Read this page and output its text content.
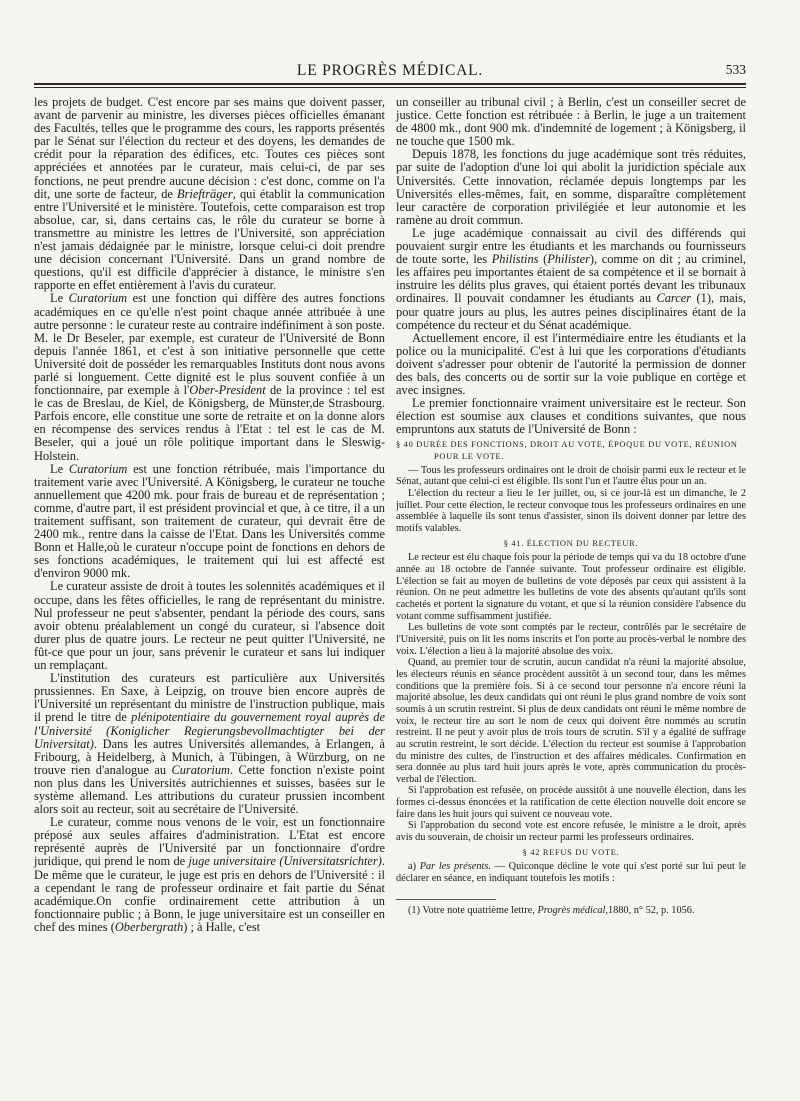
LE PROGRÈS MÉDICAL.	533

les projets de budget. C'est encore par ses mains que doivent passer, avant de parvenir au ministre, les diverses pièces officielles émanant des Facultés, telles que le programme des cours, les rapports présentés par le Sénat sur l'élection du recteur et des doyens, les demandes de crédit pour la réparation des édifices, etc. Toutes ces pièces sont appréciées et annotées par le curateur, mais celui-ci, de par ses fonctions, ne peut prendre aucune décision : c'est donc, comme on l'a dit, une sorte de facteur, de Briefträger, qui établit la communication entre l'Université et le ministère. Toutefois, cette comparaison est trop absolue, car, si, dans certains cas, le rôle du curateur se borne à transmettre au ministre les lettres de l'Université, son appréciation n'est jamais dédaignée par le ministre, lorsque celui-ci doit prendre une décision concernant l'Université. Dans un grand nombre de questions, qu'il est difficile d'apprécier à distance, le ministre s'en rapporte en effet entièrement à l'avis du curateur.

Le Curatorium est une fonction qui diffère des autres fonctions académiques en ce qu'elle n'est point chaque année attribuée à une autre personne : le curateur reste au contraire indéfiniment à son poste. M. le Dr Beseler, par exemple, est curateur de l'Université de Bonn depuis l'année 1861, et c'est à son initiative personnelle que cette Université doit de posséder les remarquables Instituts dont nous avons parlé si longuement. Cette dignité est le plus souvent confiée à un fonctionnaire, par exemple à l'Ober-President de la province : tel est le cas de Breslau, de Kiel, de Königsberg, de Münster,de Strasbourg. Parfois encore, elle constitue une sorte de retraite et on la donne alors en récompense des services rendus à l'Etat : tel est le cas de M. Beseler, qui a joué un rôle politique important dans le Sleswig-Holstein.

Le Curatorium est une fonction rétribuée, mais l'importance du traitement varie avec l'Université. A Königsberg, le curateur ne touche annuellement que 4200 mk. pour frais de bureau et de représentation ; comme, d'autre part, il est président provincial et que, à ce titre, il a un traitement suffisant, son traitement de curateur, qui devrait être de 2400 mk., rentre dans la caisse de l'Etat. Dans les Universités comme Bonn et Halle,où le curateur n'occupe point de fonctions en dehors de ses fonctions académiques, le traitement qui lui est affecté est d'environ 9000 mk.

Le curateur assiste de droit à toutes les solennités académiques et il occupe, dans les fêtes officielles, le rang de représentant du ministre. Nul professeur ne peut s'absenter, pendant la période des cours, sans avoir obtenu préalablement un congé du curateur, si l'absence doit durer plus de quatre jours. Le recteur ne peut quitter l'Université, ne fût-ce que pour un jour, sans prévenir le curateur et sans lui indiquer un remplaçant.

L'institution des curateurs est particulière aux Universités prussiennes. En Saxe, à Leipzig, on trouve bien encore auprès de l'Université un représentant du ministre de l'instruction publique, mais il prend le titre de plénipotentiaire du gouvernement royal auprès de l'Université (Koniglicher Regierungsbevollmachtigter bei der Universitat). Dans les autres Universités allemandes, à Erlangen, à Fribourg, à Heidelberg, à Munich, à Tübingen, à Würzburg, on ne trouve rien d'analogue au Curatorium. Cette fonction n'existe point non plus dans les Universités autrichiennes et suisses, basées sur le système allemand. Les attributions du curateur prussien incombent alors soit au recteur, soit au secrétaire de l'Université.

Le curateur, comme nous venons de le voir, est un fonctionnaire préposé aux seules affaires d'administration. L'Etat est encore représenté auprès de l'Université par un fonctionnaire d'ordre juridique, qui prend le nom de juge universitaire (Universitatsrichter). De même que le curateur, le juge est pris en dehors de l'Université : il a cependant le rang de professeur ordinaire et fait partie du Sénat académique.On confie ordinairement cette attribution à un fonctionnaire public ; à Bonn, le juge universitaire est un conseiller en chef des mines (Oberbergrath) ; à Halle, c'est

un conseiller au tribunal civil ; à Berlin, c'est un conseiller secret de justice. Cette fonction est rétribuée : à Berlin, le juge a un traitement de 4800 mk., dont 900 mk. d'indemnité de logement ; à Königsberg, il ne touche que 1500 mk.

Depuis 1878, les fonctions du juge académique sont très réduites, par suite de l'adoption d'une loi qui abolit la juridiction spéciale aux Universités. Cette innovation, réclamée depuis longtemps par les Universités elles-mêmes, fait, en somme, disparaître complètement leur caractère de corporation privilégiée et leur autonomie et les ramène au droit commun.

Le juge académique connaissait au civil des différends qui pouvaient surgir entre les étudiants et les marchands ou fournisseurs de toute sorte, les Philistins (Philister), comme on dit ; au criminel, les affaires peu importantes étaient de sa compétence et il se bornait à instruire les délits plus graves, qui étaient portés devant les tribunaux ordinaires. Il pouvait condamner les étudiants au Carcer (1), mais, pour quatre jours au plus, les autres peines disciplinaires étant de la compétence du recteur et du Sénat académique.

Actuellement encore, il est l'intermédiaire entre les étudiants et la police ou la municipalité. C'est à lui que les corporations d'étudiants doivent s'adresser pour obtenir de l'autorité la permission de donner des bals, des concerts ou de sortir sur la voie publique en cortège et avec insignes.

Le premier fonctionnaire vraiment universitaire est le recteur. Son élection est soumise aux clauses et conditions suivantes, que nous empruntons aux statuts de l'Université de Bonn :

§ 40 DURÉE DES FONCTIONS, DROIT AU VOTE, ÉPOQUE DU VOTE, RÉUNION POUR LE VOTE.

— Tous les professeurs ordinaires ont le droit de choisir parmi eux le recteur et le Sénat, autant que celui-ci est éligible. Ils sont l'un et l'autre élus pour un an.

L'élection du recteur a lieu le 1er juillet, ou, si ce jour-là est un dimanche, le 2 juillet. Pour cette élection, le recteur convoque tous les professeurs ordinaires en une assemblée à laquelle ils sont tenus d'assister, sinon ils doivent donner par lettre des motifs valables.

§ 41. ÉLECTION DU RECTEUR.

Le recteur est élu chaque fois pour la période de temps qui va du 18 octobre d'une année au 18 octobre de l'année suivante. Tout professeur ordinaire est éligible. L'élection se fait au moyen de bulletins de vote déposés par ceux qui assistent à la réunion. On ne peut admettre les bulletins de vote des absents qu'autant qu'ils sont cachetés et portent la signature du votant, et que si la réunion considère l'absence du votant comme suffisamment justifiée.

Les bulletins de vote sont comptés par le recteur, contrôlés par le secrétaire de l'Université, puis on lit les noms inscrits et l'on porte au procès-verbal le nombre des voix. L'élection a lieu à la majorité absolue des voix.

Quand, au premier tour de scrutin, aucun candidat n'a réuni la majorité absolue, les électeurs réunis en séance procèdent aussitôt à un second tour, dans les mêmes conditions que la première fois. Si à ce second tour personne n'a encore réuni la majorité absolue, les deux candidats qui ont réuni le plus grand nombre de voix sont soumis à un scrutin restreint. Si plus de deux candidats ont réuni le même nombre de voix, le recteur tire au sort le nom de ceux qui doivent être nommés au scrutin restreint. Il ne peut y avoir plus de trois tours de scrutin. S'il y a égalité de suffrage au scrutin restreint, le sort décide. L'élection du recteur est soumise à l'approbation du ministre des cultes, de l'instruction et des affaires médicales. Confirmation en sera donnée au plus tard huit jours après le vote, après communication du procès-verbal de l'élection.

Si l'approbation est refusée, on procède aussitôt à une nouvelle élection, dans les formes ci-dessus énoncées et la ratification de cette élection nouvelle doit encore se faire dans les huit jours qui suivent ce nouveau vote.

Si l'approbation du second vote est encore refusée, le ministre a le droit, après avis du souverain, de choisir un recteur parmi les professeurs ordinaires.

§ 42 REFUS DU VOTE.

a) Par les présents. — Quiconque décline le vote qui s'est porté sur lui peut le déclarer en séance, en indiquant toutefois les motifs :

(1) Votre note quatrième lettre, Progrès médical,1880, n° 52, p. 1056.
